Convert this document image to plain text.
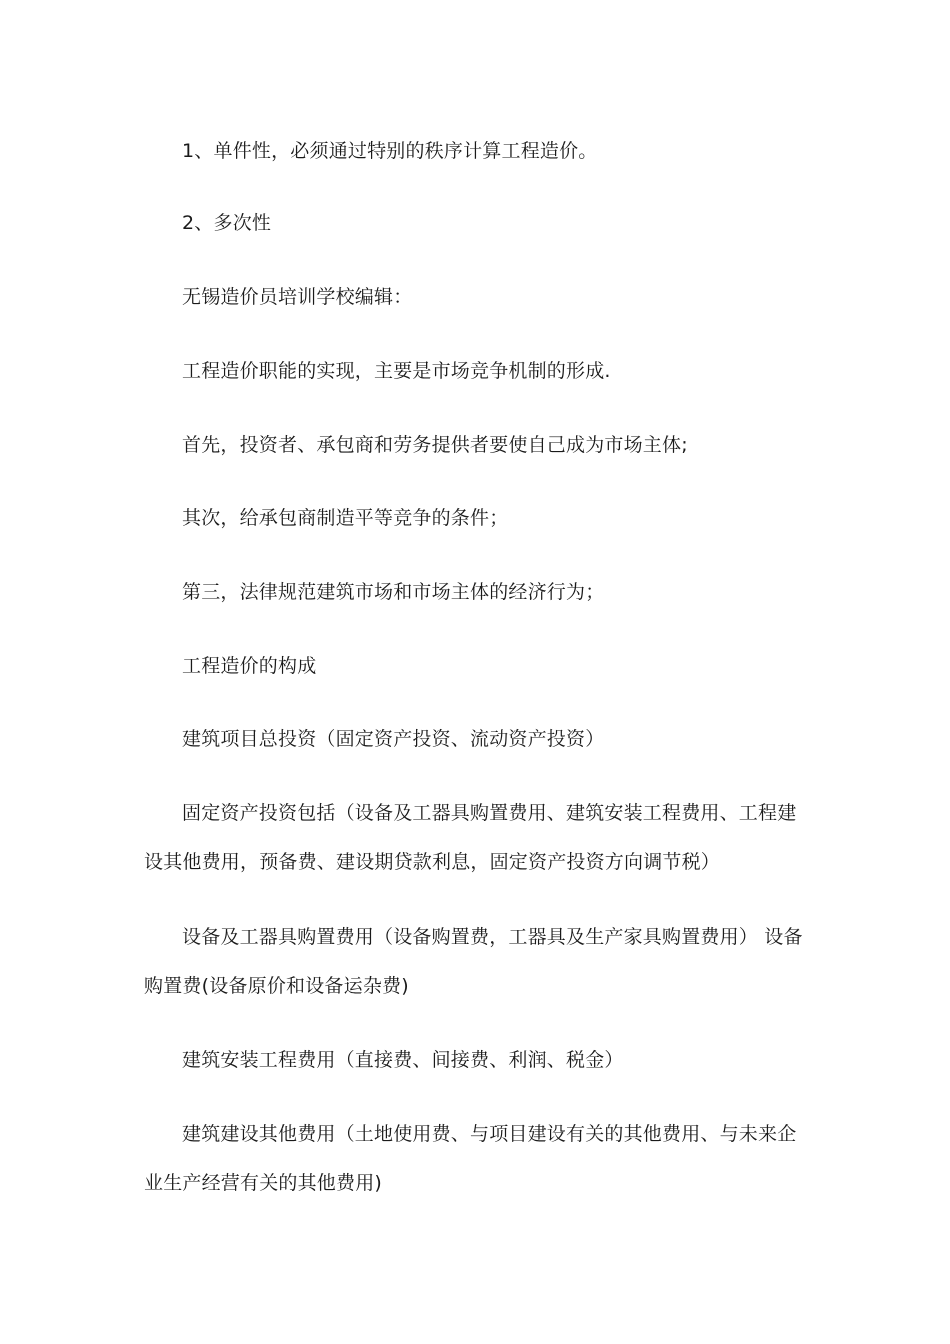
1、单件性，必须通过特别的秩序计算工程造价。

2、多次性

无锡造价员培训学校编辑：

工程造价职能的实现，主要是市场竞争机制的形成.

首先，投资者、承包商和劳务提供者要使自己成为市场主体;

其次，给承包商制造平等竞争的条件；

第三，法律规范建筑市场和市场主体的经济行为；

工程造价的构成

建筑项目总投资（固定资产投资、流动资产投资）

固定资产投资包括（设备及工器具购置费用、建筑安装工程费用、工程建设其他费用，预备费、建设期贷款利息，固定资产投资方向调节税）

设备及工器具购置费用（设备购置费，工器具及生产家具购置费用） 设备购置费(设备原价和设备运杂费)

建筑安装工程费用（直接费、间接费、利润、税金）

建筑建设其他费用（土地使用费、与项目建设有关的其他费用、与未来企业生产经营有关的其他费用)
